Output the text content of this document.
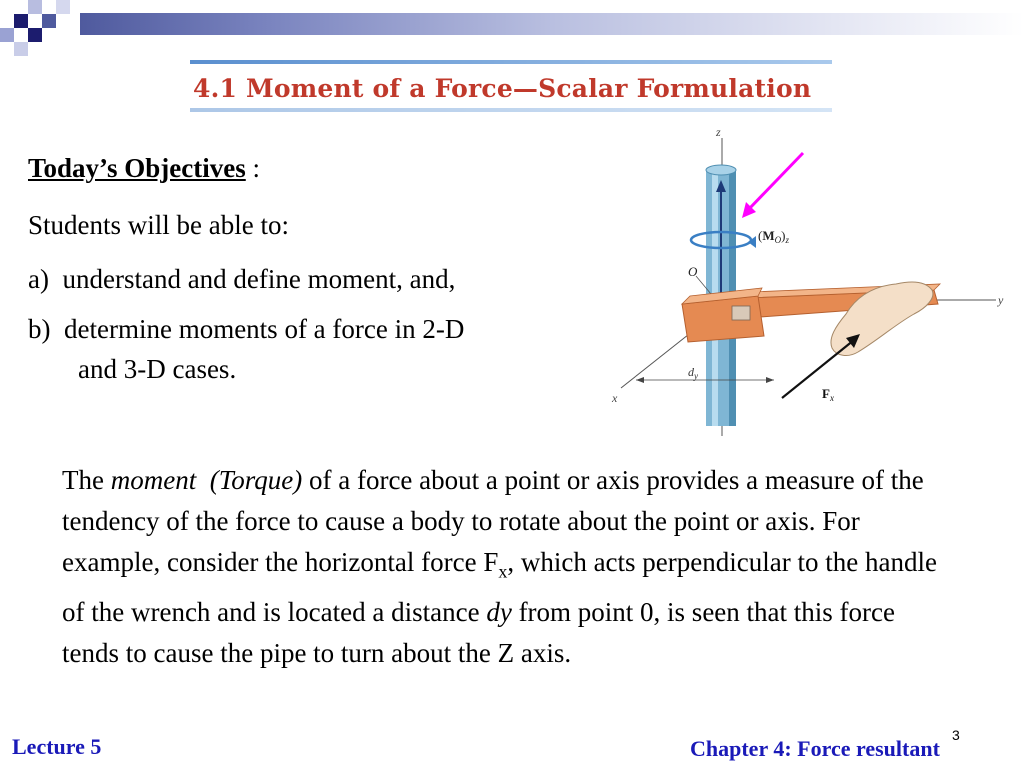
4.1 Moment of a Force—Scalar Formulation
Today’s Objectives :
Students will be able to:
a) understand and define moment, and,
b) determine moments of a force in 2-D
and 3-D cases.
z
y
x
$(M_O)_z$
O
$d_y$
$F_x$
The moment (Torque) of a force about a point or axis provides a measure of the tendency of the force to cause a body to rotate about the point or axis. For example, consider the horizontal force $F_x$, which acts perpendicular to the handle of the wrench and is located a distance dy from point 0, is seen that this force tends to cause the pipe to turn about the Z axis.
Lecture 5	3
Chapter 4: Force resultant
